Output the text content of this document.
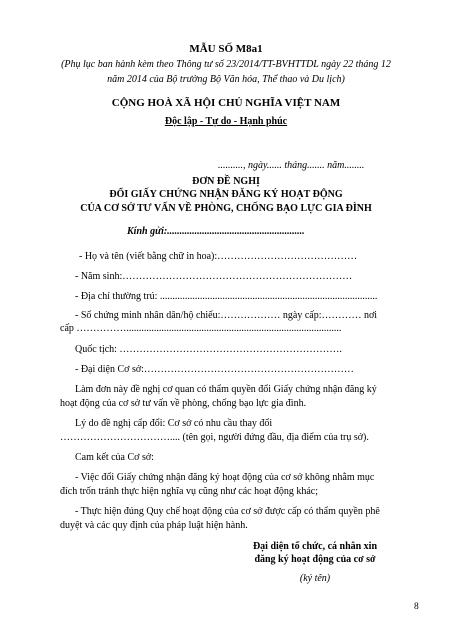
MẪU SỐ M8a1
(Phụ lục ban hành kèm theo Thông tư số 23/2014/TT-BVHTTDL ngày 22 tháng 12
năm 2014 của Bộ trưởng Bộ Văn hóa, Thể thao và Du lịch)
CỘNG HOÀ XÃ HỘI CHỦ NGHĨA VIỆT NAM
Độc lập - Tự do - Hạnh phúc
.........., ngày...... tháng....... năm........
ĐƠN ĐỀ NGHỊ
ĐỔI GIẤY CHỨNG NHẬN ĐĂNG KÝ HOẠT ĐỘNG
CỦA CƠ SỞ TƯ VẤN VỀ PHÒNG, CHỐNG BẠO LỰC GIA ĐÌNH
Kính gửi:.......................................................
- Họ và tên (viết bằng chữ in hoa):……………………………………
- Năm sinh:……………………………………………………………
- Địa chỉ thường trú: .......................................................................................
- Số chứng minh nhân dân/hộ chiếu:……………… ngày cấp:………… nơi
cấp ……………......................................................................................
Quốc tịch: ………………………………………………………….
- Đại diện Cơ sở:………………………………………………………
Làm đơn này đề nghị cơ quan có thẩm quyền đổi Giấy chứng nhận đăng ký
hoạt động của cơ sở tư vấn về phòng, chống bạo lực gia đình.
Lý do đề nghị cấp đổi: Cơ sở có nhu cầu thay đổi
…………………………….... (tên gọi, người đứng đầu, địa điểm của trụ sở).
Cam kết của Cơ sở:
- Việc đổi Giấy chứng nhận đăng ký hoạt động của cơ sở không nhằm mục
đích trốn tránh thực hiện nghĩa vụ cũng như các hoạt động khác;
- Thực hiện đúng Quy chế hoạt động của cơ sở được cấp có thẩm quyền phê
duyệt và các quy định của pháp luật hiện hành.
Đại diện tổ chức, cá nhân xin
đăng ký hoạt động của cơ sở
(ký tên)
8
